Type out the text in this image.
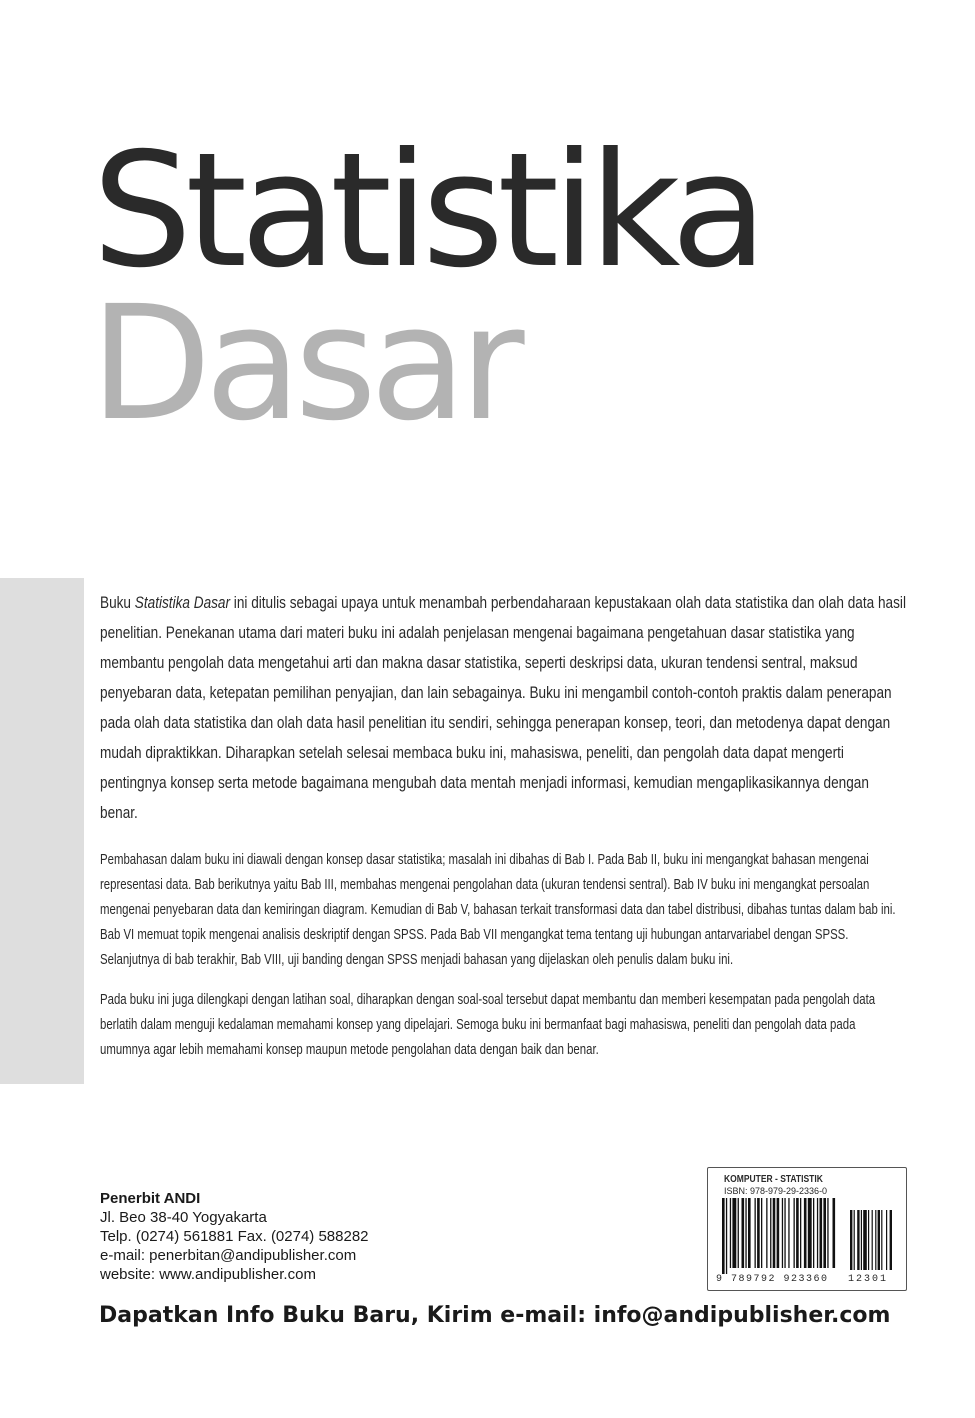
Statistika
Dasar

Buku Statistika Dasar ini ditulis sebagai upaya untuk menambah perbendaharaan kepustakaan olah data statistika dan olah data hasil penelitian. Penekanan utama dari materi buku ini adalah penjelasan mengenai bagaimana pengetahuan dasar statistika yang membantu pengolah data mengetahui arti dan makna dasar statistika, seperti deskripsi data, ukuran tendensi sentral, maksud penyebaran data, ketepatan pemilihan penyajian, dan lain sebagainya. Buku ini mengambil contoh-contoh praktis dalam penerapan pada olah data statistika dan olah data hasil penelitian itu sendiri, sehingga penerapan konsep, teori, dan metodenya dapat dengan mudah dipraktikkan. Diharapkan setelah selesai membaca buku ini, mahasiswa, peneliti, dan pengolah data dapat mengerti pentingnya konsep serta metode bagaimana mengubah data mentah menjadi informasi, kemudian mengaplikasikannya dengan benar.

Pembahasan dalam buku ini diawali dengan konsep dasar statistika; masalah ini dibahas di Bab I. Pada Bab II, buku ini mengangkat bahasan mengenai representasi data. Bab berikutnya yaitu Bab III, membahas mengenai pengolahan data (ukuran tendensi sentral). Bab IV buku ini mengangkat persoalan mengenai penyebaran data dan kemiringan diagram. Kemudian di Bab V, bahasan terkait transformasi data dan tabel distribusi, dibahas tuntas dalam bab ini. Bab VI memuat topik mengenai analisis deskriptif dengan SPSS. Pada Bab VII mengangkat tema tentang uji hubungan antarvariabel dengan SPSS. Selanjutnya di bab terakhir, Bab VIII, uji banding dengan SPSS menjadi bahasan yang dijelaskan oleh penulis dalam buku ini.

Pada buku ini juga dilengkapi dengan latihan soal, diharapkan dengan soal-soal tersebut dapat membantu dan memberi kesempatan pada pengolah data berlatih dalam menguji kedalaman memahami konsep yang dipelajari. Semoga buku ini bermanfaat bagi mahasiswa, peneliti dan pengolah data pada umumnya agar lebih memahami konsep maupun metode pengolahan data dengan baik dan benar.

Penerbit ANDI
Jl. Beo 38-40 Yogyakarta
Telp. (0274) 561881 Fax. (0274) 588282
e-mail: penerbitan@andipublisher.com
website: www.andipublisher.com
KOMPUTER - STATISTIK
ISBN: 978-979-29-2336-0
9 789792 923360 12301
Dapatkan Info Buku Baru, Kirim e-mail: info@andipublisher.com
